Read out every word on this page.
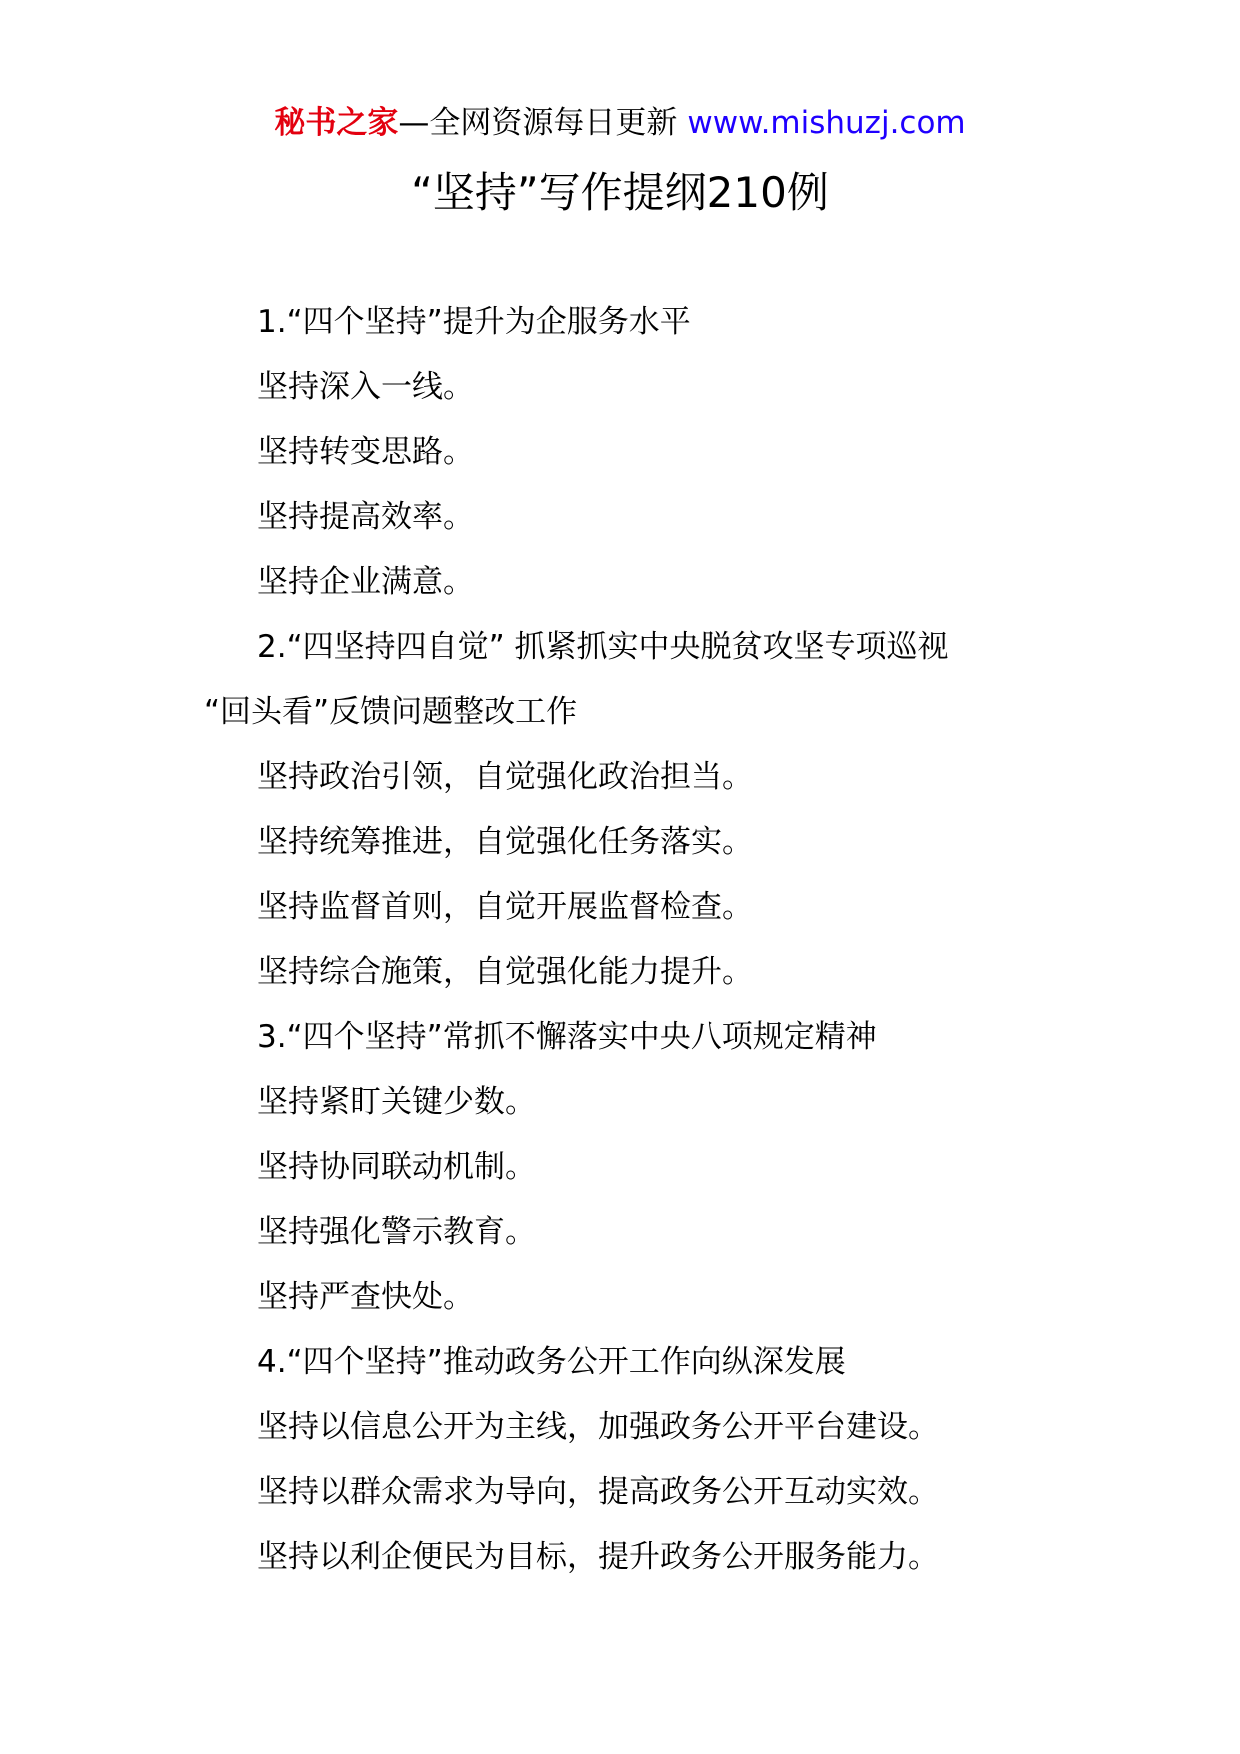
秘书之家—全网资源每日更新 www.mishuzj.com
“坚持”写作提纲210例
1.“四个坚持”提升为企服务水平
坚持深入一线。
坚持转变思路。
坚持提高效率。
坚持企业满意。
2.“四坚持四自觉” 抓紧抓实中央脱贫攻坚专项巡视
“回头看”反馈问题整改工作
坚持政治引领，自觉强化政治担当。
坚持统筹推进，自觉强化任务落实。
坚持监督首则，自觉开展监督检查。
坚持综合施策，自觉强化能力提升。
3.“四个坚持”常抓不懈落实中央八项规定精神
坚持紧盯关键少数。
坚持协同联动机制。
坚持强化警示教育。
坚持严查快处。
4.“四个坚持”推动政务公开工作向纵深发展
坚持以信息公开为主线，加强政务公开平台建设。
坚持以群众需求为导向，提高政务公开互动实效。
坚持以利企便民为目标，提升政务公开服务能力。
